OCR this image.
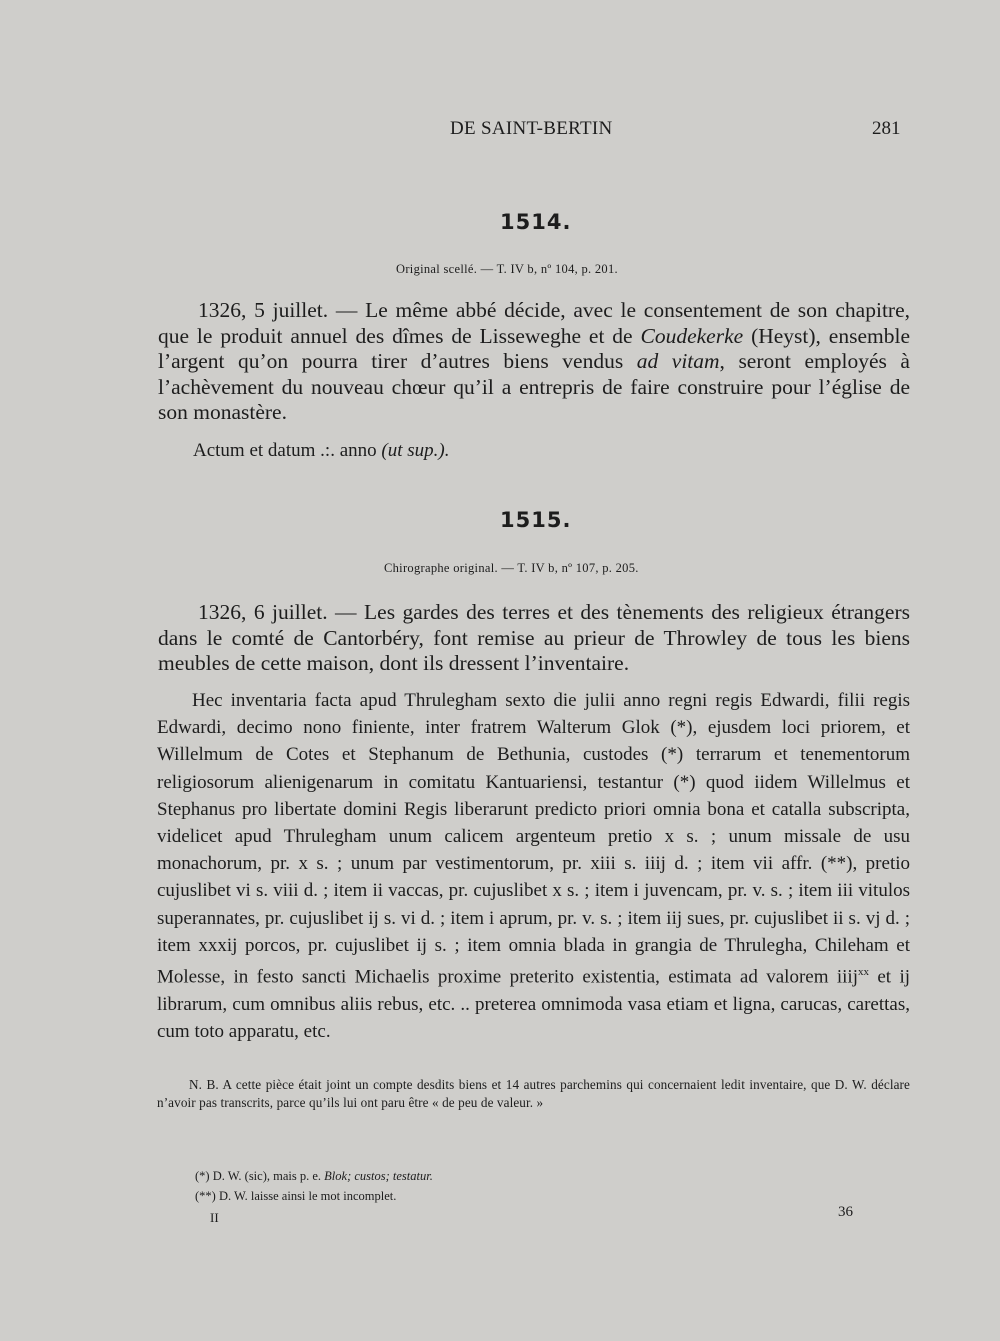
DE SAINT-BERTIN	281
1514.
Original scellé. — T. IV b, nº 104, p. 201.
1326, 5 juillet. — Le même abbé décide, avec le consentement de son chapitre, que le produit annuel des dîmes de Lisseweghe et de Coudekerke (Heyst), ensemble l’argent qu’on pourra tirer d’autres biens vendus ad vitam, seront employés à l’achèvement du nouveau chœur qu’il a entrepris de faire construire pour l’église de son monastère.
Actum et datum .:. anno (ut sup.).
1515.
Chirographe original. — T. IV b, nº 107, p. 205.
1326, 6 juillet. — Les gardes des terres et des tènements des religieux étrangers dans le comté de Cantorbéry, font remise au prieur de Throwley de tous les biens meubles de cette maison, dont ils dressent l’inventaire.
Hec inventaria facta apud Thrulegham sexto die julii anno regni regis Edwardi, filii regis Edwardi, decimo nono finiente, inter fratrem Walterum Glok (*), ejusdem loci priorem, et Willelmum de Cotes et Stephanum de Bethunia, custodes (*) terrarum et tenementorum religiosorum alienigenarum in comitatu Kantuariensi, testantur (*) quod iidem Willelmus et Stephanus pro libertate domini Regis liberarunt predicto priori omnia bona et catalla subscripta, videlicet apud Thrulegham unum calicem argenteum pretio x s. ; unum missale de usu monachorum, pr. x s. ; unum par vestimentorum, pr. xiii s. iiij d. ; item vii affr. (**), pretio cujuslibet vi s. viii d. ; item ii vaccas, pr. cujuslibet x s. ; item i juvencam, pr. v. s. ; item iii vitulos superannates, pr. cujuslibet ij s. vi d. ; item i aprum, pr. v. s. ; item iij sues, pr. cujuslibet ii s. vj d. ; item xxxij porcos, pr. cujuslibet ij s. ; item omnia blada in grangia de Thrulegha, Chileham et Molesse, in festo sancti Michaelis proxime preterito existentia, estimata ad valorem iiij$^{xx}$ et ij librarum, cum omnibus aliis rebus, etc. .. preterea omnimoda vasa etiam et ligna, carucas, carettas, cum toto apparatu, etc.
N. B. A cette pièce était joint un compte desdits biens et 14 autres parchemins qui concernaient ledit inventaire, que D. W. déclare n’avoir pas transcrits, parce qu’ils lui ont paru être « de peu de valeur. »
(*) D. W. (sic), mais p. e. Blok; custos; testatur.
(**) D. W. laisse ainsi le mot incomplet.
II	36
